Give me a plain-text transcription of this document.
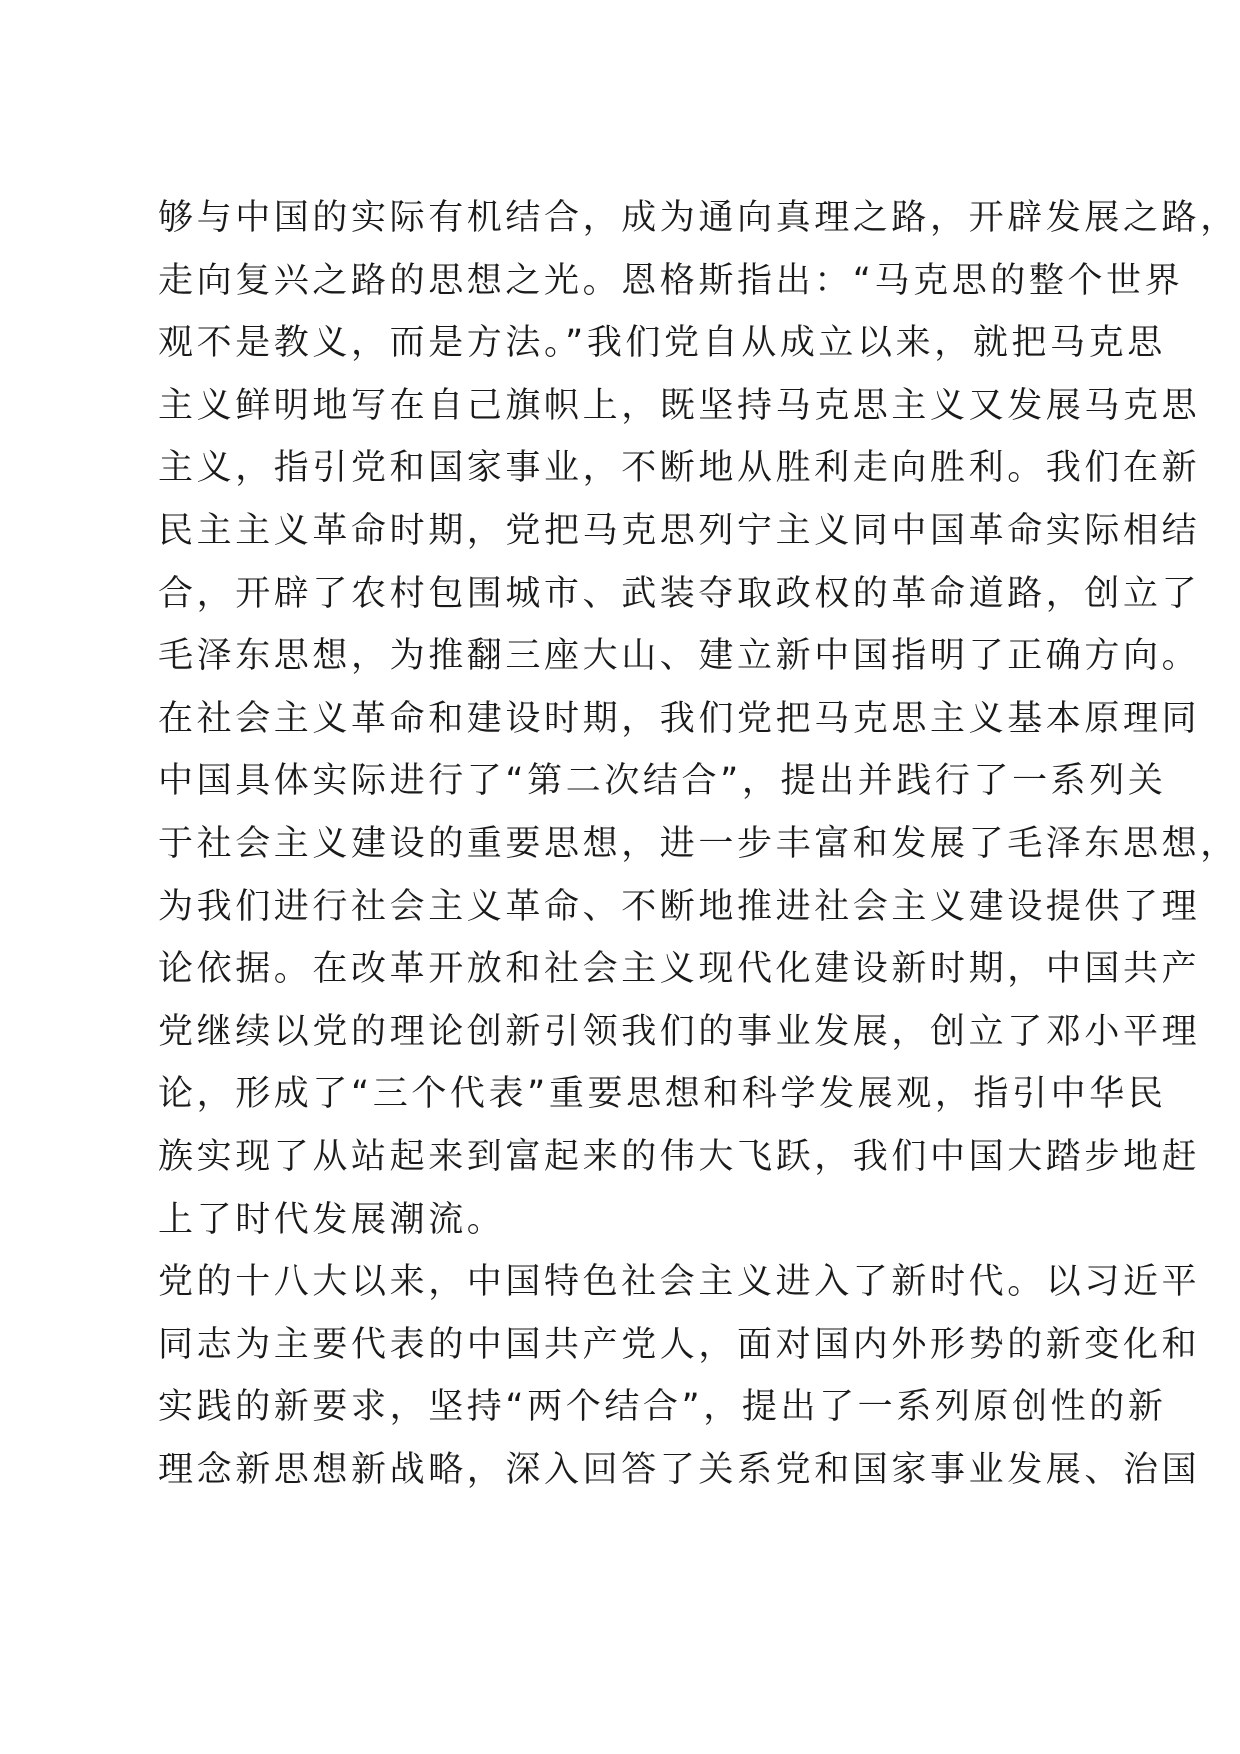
够与中国的实际有机结合，成为通向真理之路，开辟发展之路，
走向复兴之路的思想之光。恩格斯指出：“马克思的整个世界
观不是教义，而是方法。”我们党自从成立以来，就把马克思
主义鲜明地写在自己旗帜上，既坚持马克思主义又发展马克思
主义，指引党和国家事业，不断地从胜利走向胜利。我们在新
民主主义革命时期，党把马克思列宁主义同中国革命实际相结
合，开辟了农村包围城市、武装夺取政权的革命道路，创立了
毛泽东思想，为推翻三座大山、建立新中国指明了正确方向。
在社会主义革命和建设时期，我们党把马克思主义基本原理同
中国具体实际进行了“第二次结合”，提出并践行了一系列关
于社会主义建设的重要思想，进一步丰富和发展了毛泽东思想，
为我们进行社会主义革命、不断地推进社会主义建设提供了理
论依据。在改革开放和社会主义现代化建设新时期，中国共产
党继续以党的理论创新引领我们的事业发展，创立了邓小平理
论，形成了“三个代表”重要思想和科学发展观，指引中华民
族实现了从站起来到富起来的伟大飞跃，我们中国大踏步地赶
上了时代发展潮流。
党的十八大以来，中国特色社会主义进入了新时代。以习近平
同志为主要代表的中国共产党人，面对国内外形势的新变化和
实践的新要求，坚持“两个结合”，提出了一系列原创性的新
理念新思想新战略，深入回答了关系党和国家事业发展、治国
